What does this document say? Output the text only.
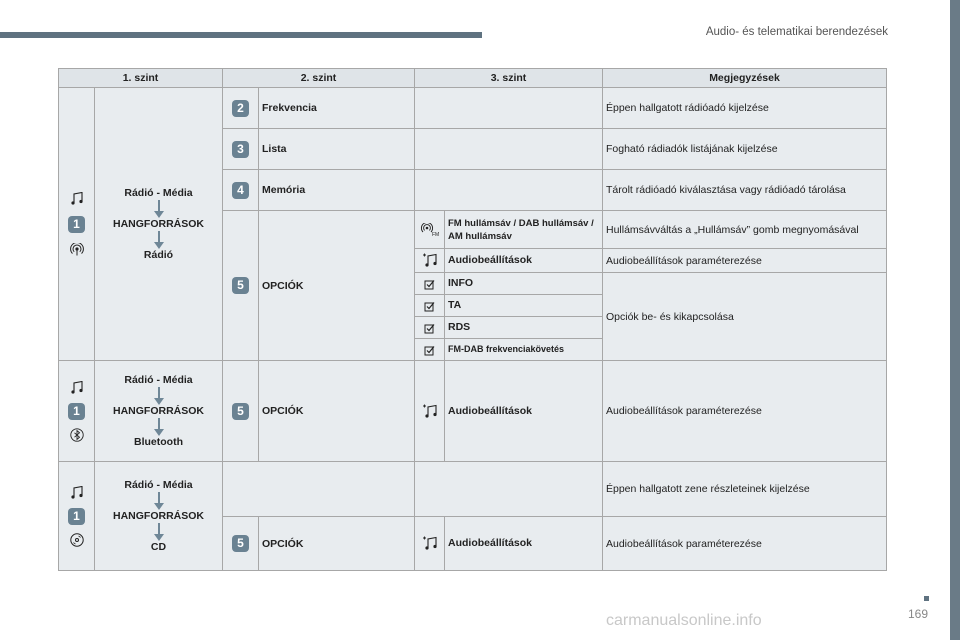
Audio- és telematikai berendezések
1. szint		2. szint		3. szint		Megjegyzések

1	Rádió - Média
HANGFORRÁSOK
Rádió	2	Frekvencia			Éppen hallgatott rádióadó kijelzése
		3	Lista			Fogható rádiadók listájának kijelzése
		4	Memória			Tárolt rádióadó kiválasztása vagy rádióadó tárolása
		5	OPCIÓK	FM	FM hullámsáv / DAB hullámsáv / AM hullámsáv	Hullámsávváltás a „Hullámsáv” gomb megnyomásával
	Audiobeállítások	Audiobeállítások paraméterezése
	INFO	Opciók be- és kikapcsolása
	TA	
	RDS	
	FM-DAB frekvenciakövetés	

1	Rádió - Média
HANGFORRÁSOK
Bluetooth	5	OPCIÓK		Audiobeállítások	Audiobeállítások paraméterezése

1	Rádió - Média
HANGFORRÁSOK
CD					Éppen hallgatott zene részleteinek kijelzése
		5	OPCIÓK		Audiobeállítások	Audiobeállítások paraméterezése
169
carmanualsonline.info
